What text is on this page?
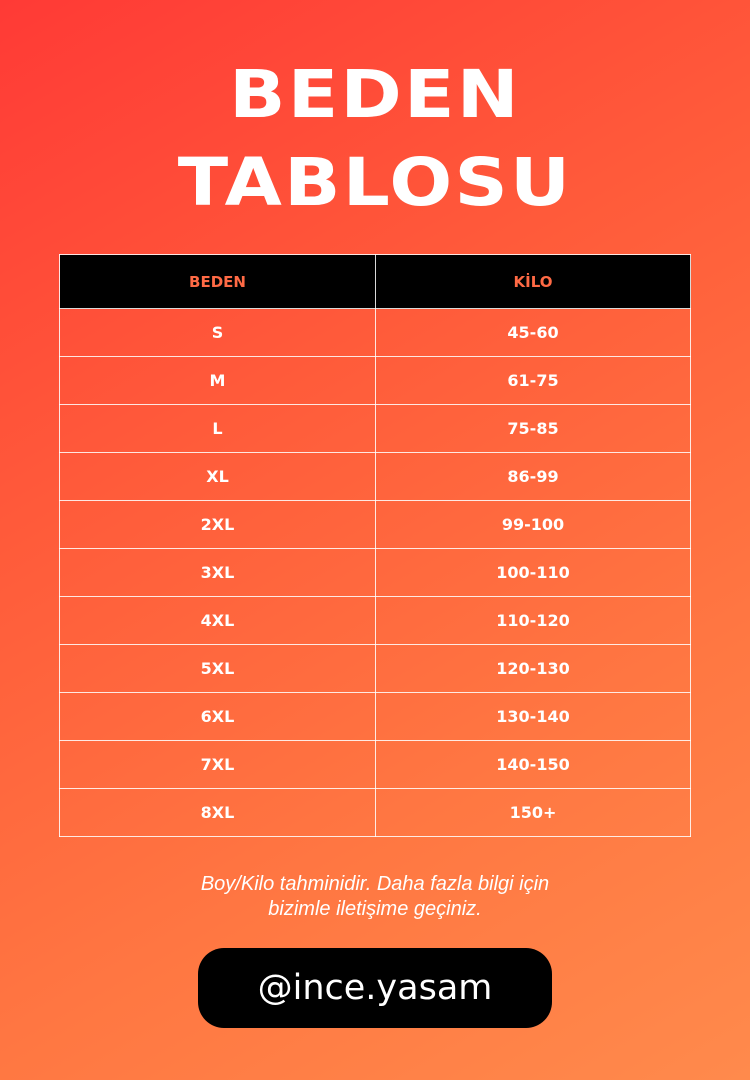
BEDEN
TABLOSU
BEDEN	KİLO
S	45-60
M	61-75
L	75-85
XL	86-99
2XL	99-100
3XL	100-110
4XL	110-120
5XL	120-130
6XL	130-140
7XL	140-150
8XL	150+
Boy/Kilo tahminidir. Daha fazla bilgi için
bizimle iletişime geçiniz.
@ince.yasam
